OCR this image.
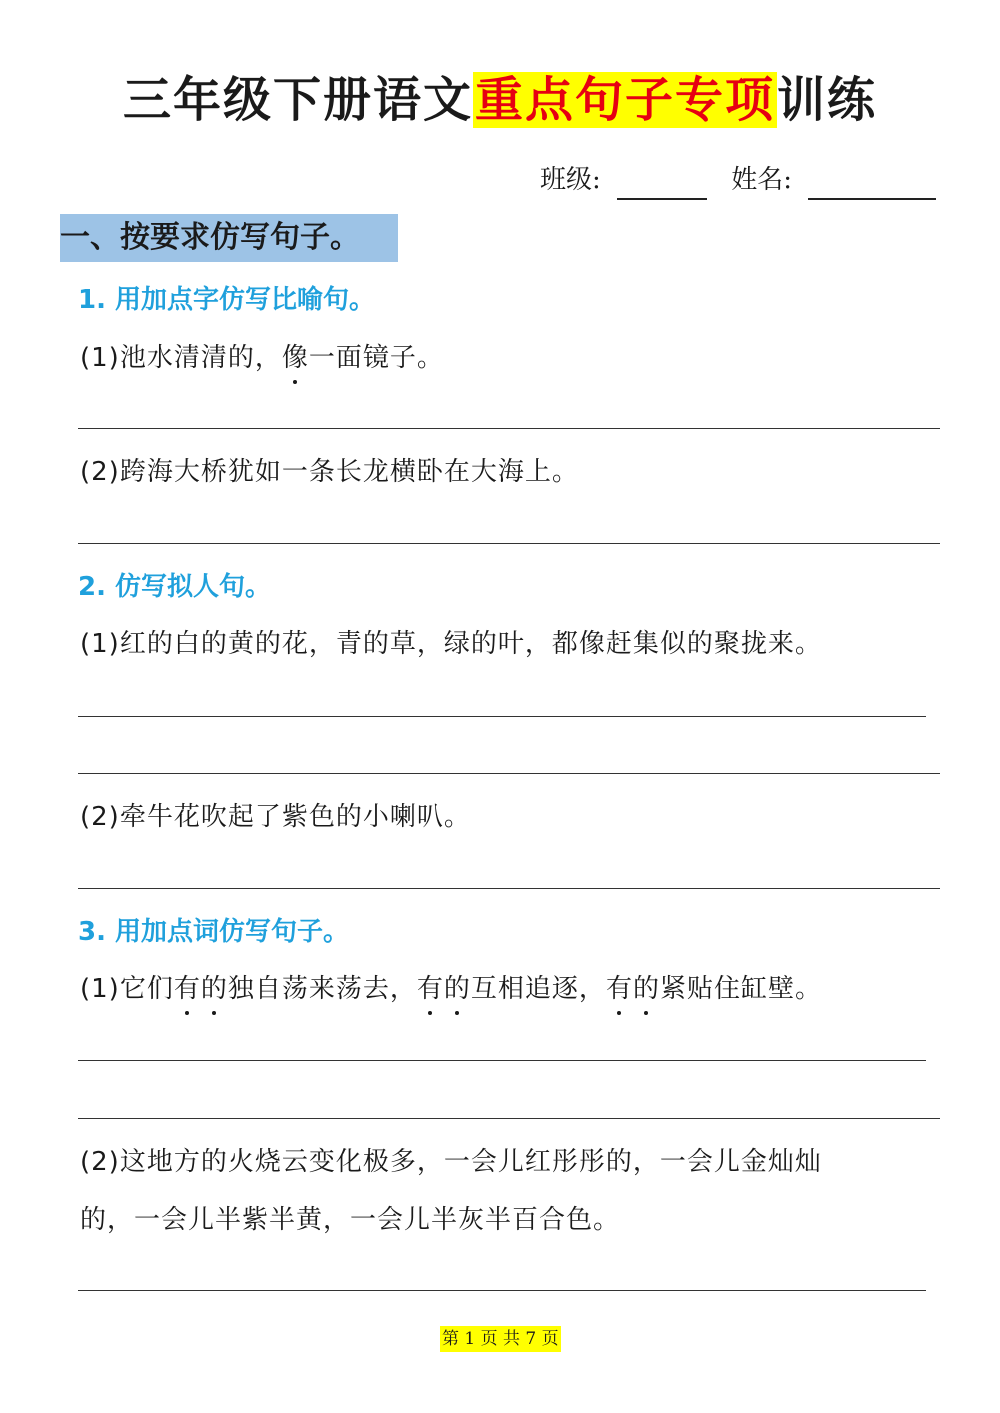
三年级下册语文重点句子专项训练
班级:	姓名:
一、按要求仿写句子。
1. 用加点字仿写比喻句。
(1)池水清清的，像一面镜子。
(2)跨海大桥犹如一条长龙横卧在大海上。
2. 仿写拟人句。
(1)红的白的黄的花，青的草，绿的叶，都像赶集似的聚拢来。
(2)牵牛花吹起了紫色的小喇叭。
3. 用加点词仿写句子。
(1)它们有的独自荡来荡去，有的互相追逐，有的紧贴住缸壁。
(2)这地方的火烧云变化极多，一会儿红彤彤的，一会儿金灿灿
的，一会儿半紫半黄，一会儿半灰半百合色。
第 1 页 共 7 页
